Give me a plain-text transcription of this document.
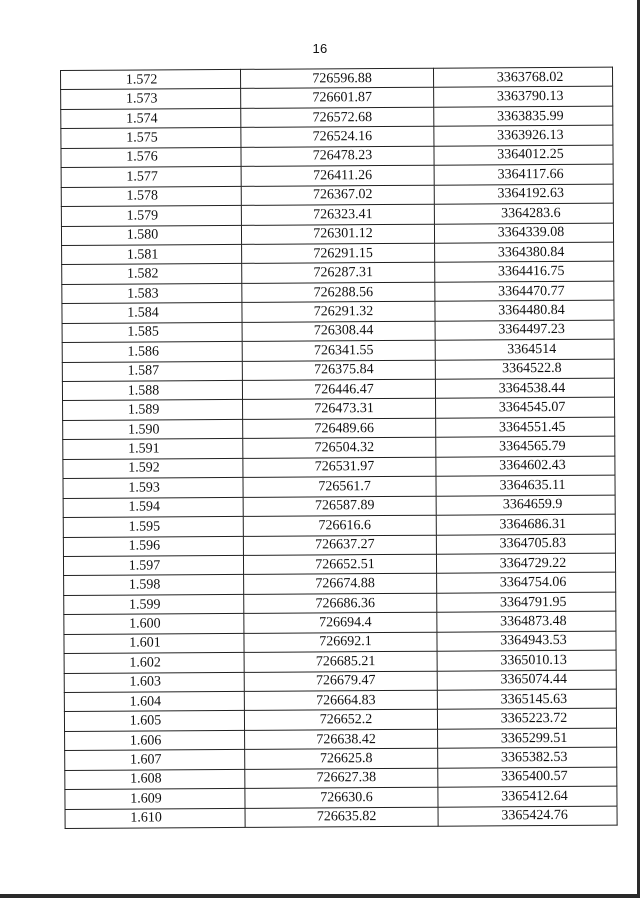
16
1.572	726596.88	3363768.02
1.573	726601.87	3363790.13
1.574	726572.68	3363835.99
1.575	726524.16	3363926.13
1.576	726478.23	3364012.25
1.577	726411.26	3364117.66
1.578	726367.02	3364192.63
1.579	726323.41	3364283.6
1.580	726301.12	3364339.08
1.581	726291.15	3364380.84
1.582	726287.31	3364416.75
1.583	726288.56	3364470.77
1.584	726291.32	3364480.84
1.585	726308.44	3364497.23
1.586	726341.55	3364514
1.587	726375.84	3364522.8
1.588	726446.47	3364538.44
1.589	726473.31	3364545.07
1.590	726489.66	3364551.45
1.591	726504.32	3364565.79
1.592	726531.97	3364602.43
1.593	726561.7	3364635.11
1.594	726587.89	3364659.9
1.595	726616.6	3364686.31
1.596	726637.27	3364705.83
1.597	726652.51	3364729.22
1.598	726674.88	3364754.06
1.599	726686.36	3364791.95
1.600	726694.4	3364873.48
1.601	726692.1	3364943.53
1.602	726685.21	3365010.13
1.603	726679.47	3365074.44
1.604	726664.83	3365145.63
1.605	726652.2	3365223.72
1.606	726638.42	3365299.51
1.607	726625.8	3365382.53
1.608	726627.38	3365400.57
1.609	726630.6	3365412.64
1.610	726635.82	3365424.76
